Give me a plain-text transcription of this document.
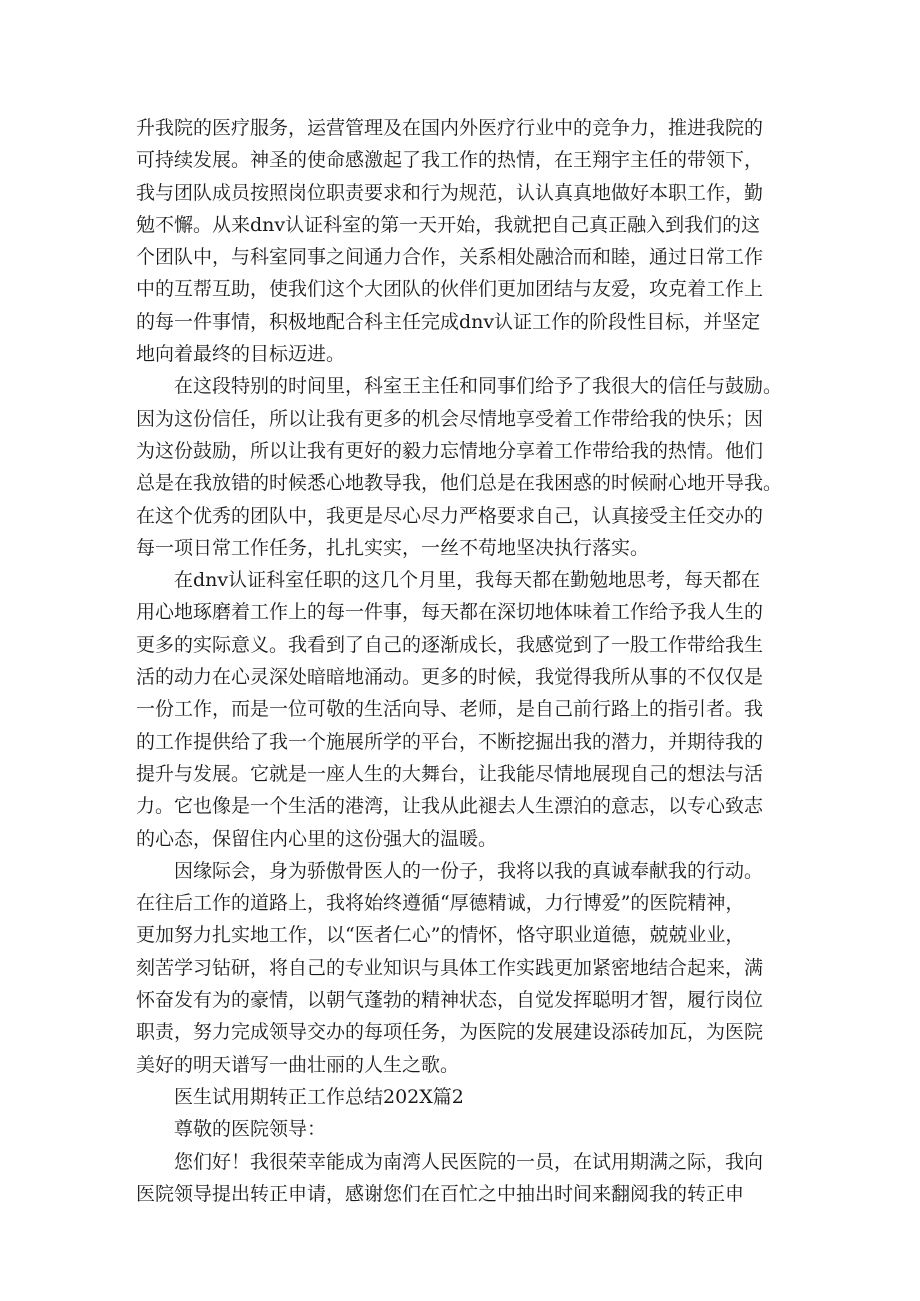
升我院的医疗服务，运营管理及在国内外医疗行业中的竞争力，推进我院的
可持续发展。神圣的使命感激起了我工作的热情，在王翔宇主任的带领下，
我与团队成员按照岗位职责要求和行为规范，认认真真地做好本职工作，勤
勉不懈。从来dnv认证科室的第一天开始，我就把自己真正融入到我们的这
个团队中，与科室同事之间通力合作，关系相处融洽而和睦，通过日常工作
中的互帮互助，使我们这个大团队的伙伴们更加团结与友爱，攻克着工作上
的每一件事情，积极地配合科主任完成dnv认证工作的阶段性目标，并坚定
地向着最终的目标迈进。
在这段特别的时间里，科室王主任和同事们给予了我很大的信任与鼓励。
因为这份信任，所以让我有更多的机会尽情地享受着工作带给我的快乐；因
为这份鼓励，所以让我有更好的毅力忘情地分享着工作带给我的热情。他们
总是在我放错的时候悉心地教导我，他们总是在我困惑的时候耐心地开导我。
在这个优秀的团队中，我更是尽心尽力严格要求自己，认真接受主任交办的
每一项日常工作任务，扎扎实实，一丝不苟地坚决执行落实。
在dnv认证科室任职的这几个月里，我每天都在勤勉地思考，每天都在
用心地琢磨着工作上的每一件事，每天都在深切地体味着工作给予我人生的
更多的实际意义。我看到了自己的逐渐成长，我感觉到了一股工作带给我生
活的动力在心灵深处暗暗地涌动。更多的时候，我觉得我所从事的不仅仅是
一份工作，而是一位可敬的生活向导、老师，是自己前行路上的指引者。我
的工作提供给了我一个施展所学的平台，不断挖掘出我的潜力，并期待我的
提升与发展。它就是一座人生的大舞台，让我能尽情地展现自己的想法与活
力。它也像是一个生活的港湾，让我从此褪去人生漂泊的意志，以专心致志
的心态，保留住内心里的这份强大的温暖。
因缘际会，身为骄傲骨医人的一份子，我将以我的真诚奉献我的行动。
在往后工作的道路上，我将始终遵循“厚德精诚，力行博爱”的医院精神，
更加努力扎实地工作，以“医者仁心”的情怀，恪守职业道德，兢兢业业，
刻苦学习钻研，将自己的专业知识与具体工作实践更加紧密地结合起来，满
怀奋发有为的豪情，以朝气蓬勃的精神状态，自觉发挥聪明才智，履行岗位
职责，努力完成领导交办的每项任务，为医院的发展建设添砖加瓦，为医院
美好的明天谱写一曲壮丽的人生之歌。
医生试用期转正工作总结202X篇2
尊敬的医院领导：
您们好！我很荣幸能成为南湾人民医院的一员，在试用期满之际，我向
医院领导提出转正申请，感谢您们在百忙之中抽出时间来翻阅我的转正申
